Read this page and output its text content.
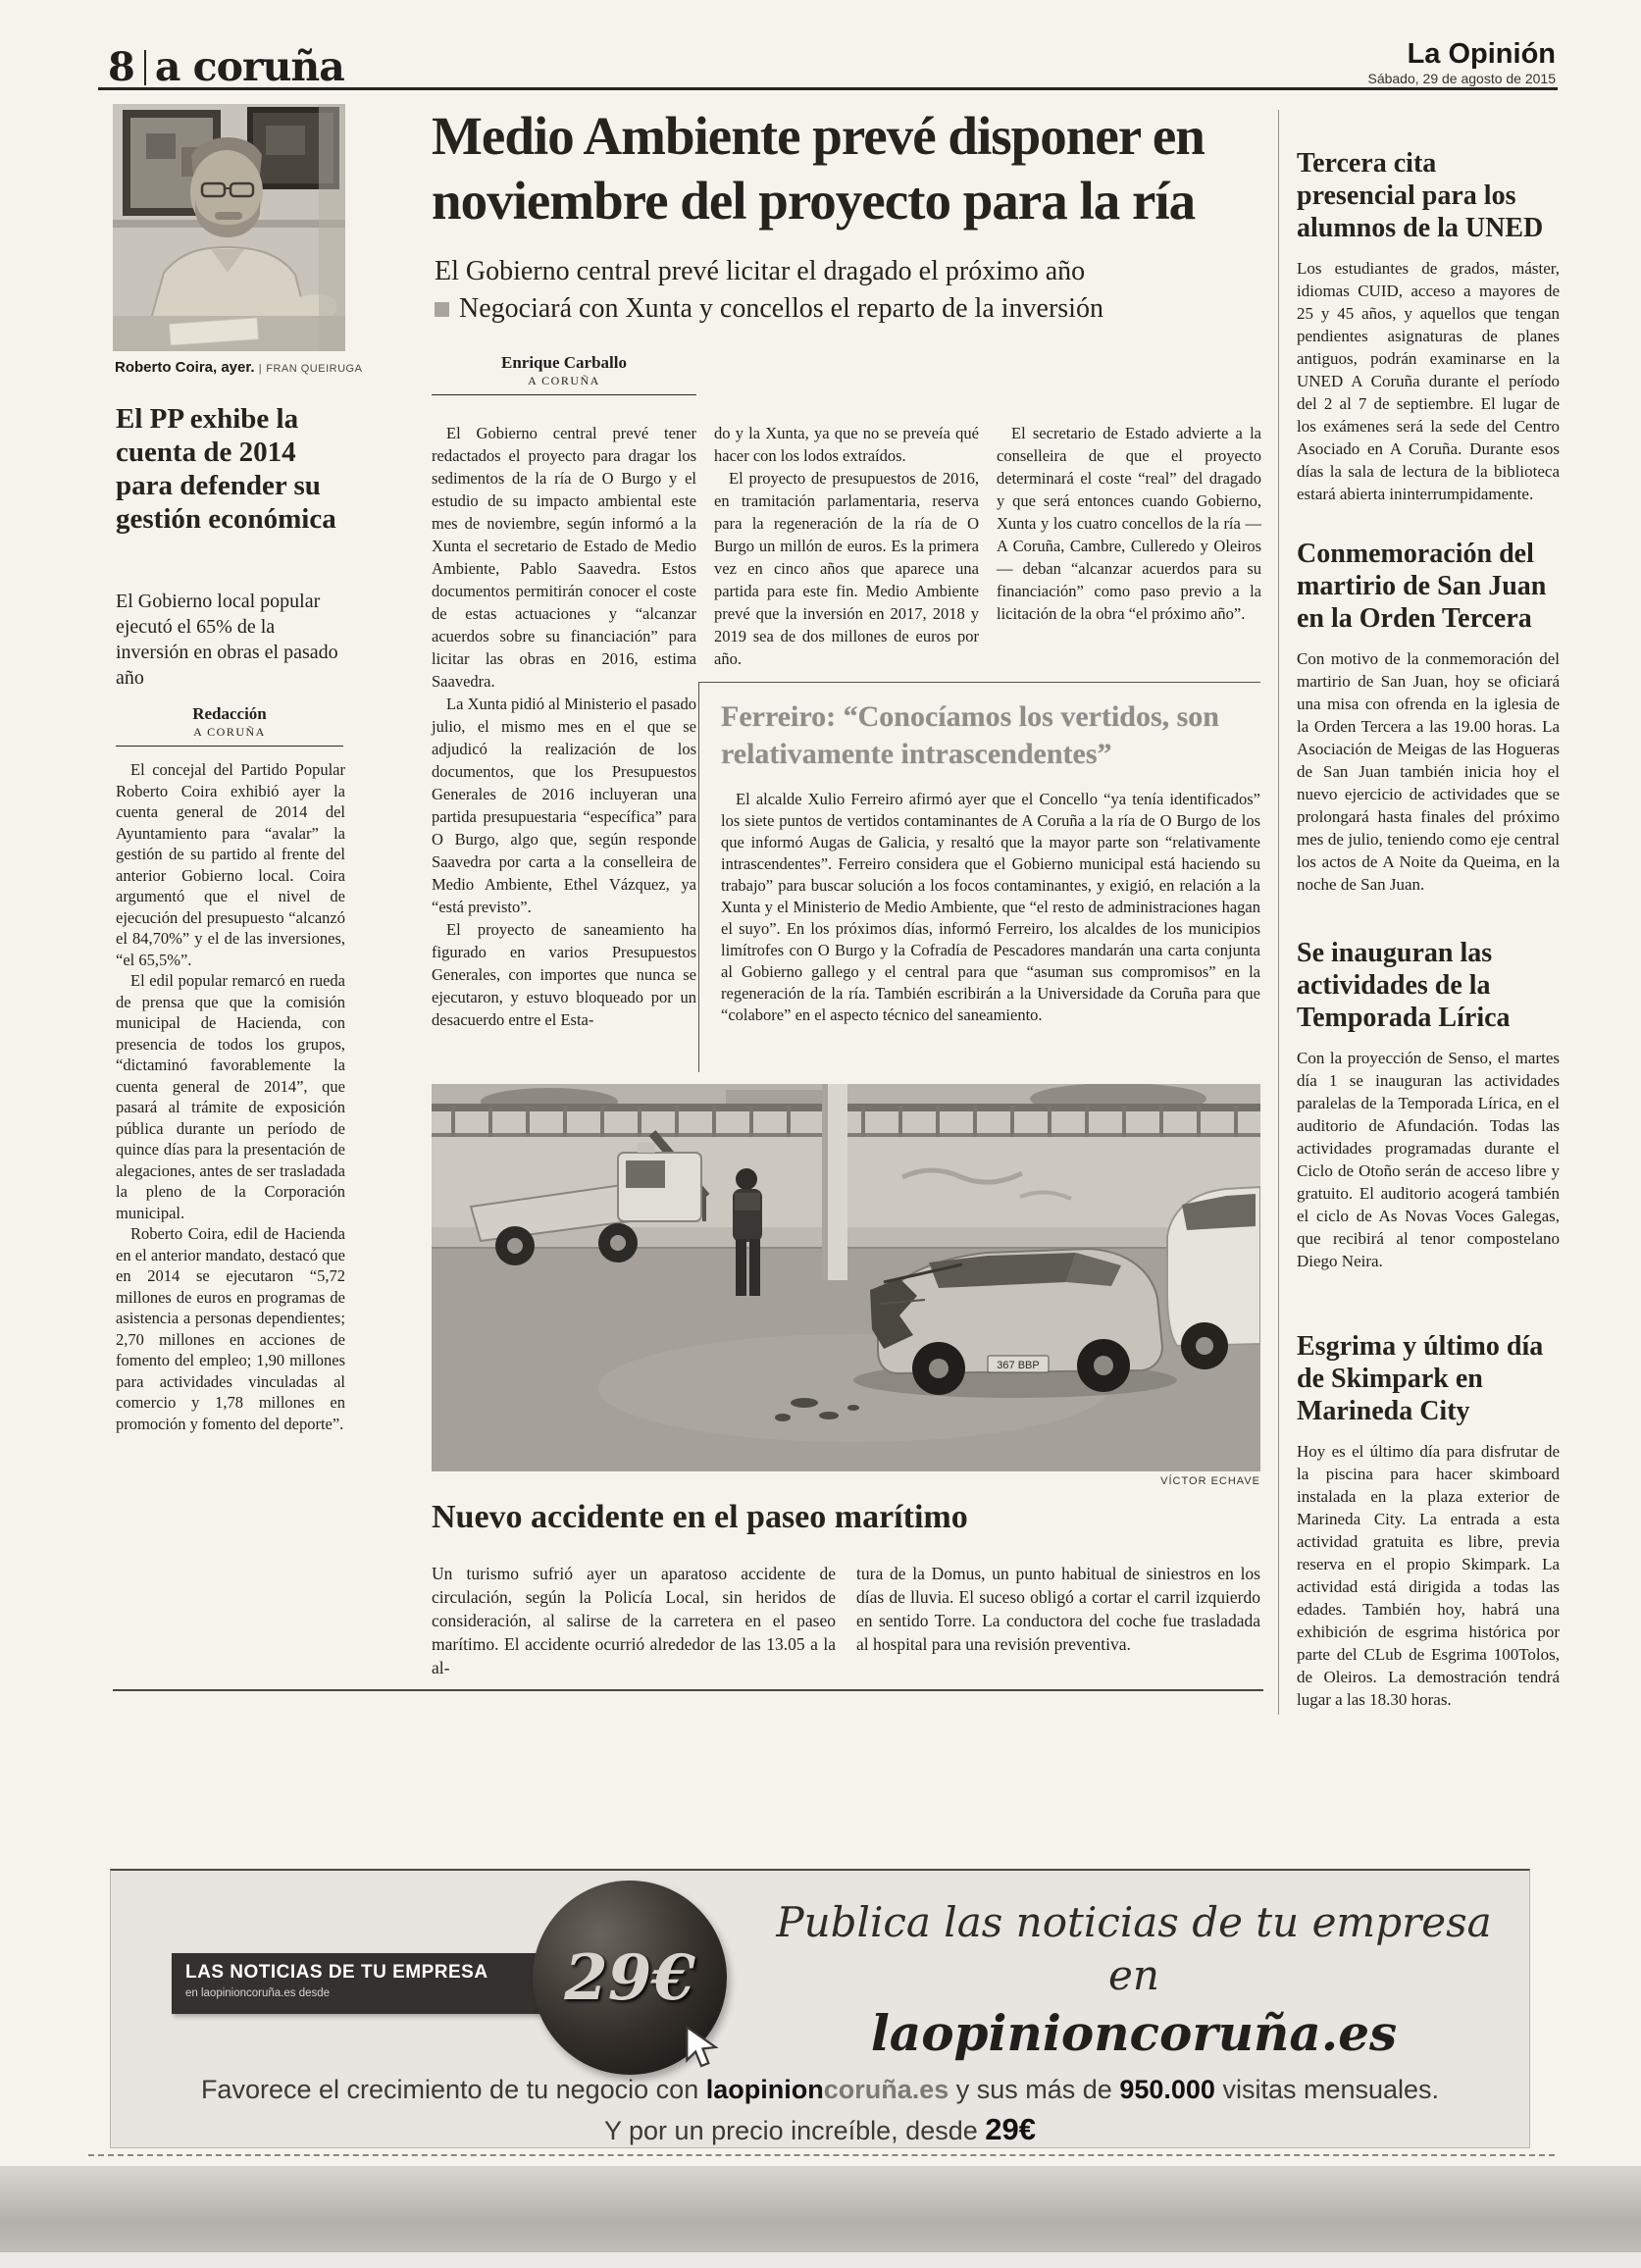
8 a coruña	La Opinión
Sábado, 29 de agosto de 2015
Roberto Coira, ayer. | FRAN QUEIRUGA
El PP exhibe la cuenta de 2014 para defender su gestión económica
El Gobierno local popular ejecutó el 65% de la inversión en obras el pasado año
Redacción
A CORUÑA

El concejal del Partido Popular Roberto Coira exhibió ayer la cuenta general de 2014 del Ayuntamiento para “avalar” la gestión de su partido al frente del anterior Gobierno local. Coira argumentó que el nivel de ejecución del presupuesto “alcanzó el 84,70%” y el de las inversiones, “el 65,5%”.

El edil popular remarcó en rueda de prensa que que la comisión municipal de Hacienda, con presencia de todos los grupos, “dictaminó favorablemente la cuenta general de 2014”, que pasará al trámite de exposición pública durante un período de quince días para la presentación de alegaciones, antes de ser trasladada la pleno de la Corporación municipal.

Roberto Coira, edil de Hacienda en el anterior mandato, destacó que en 2014 se ejecutaron “5,72 millones de euros en programas de asistencia a personas dependientes; 2,70 millones en acciones de fomento del empleo; 1,90 millones para actividades vinculadas al comercio y 1,78 millones en promoción y fomento del deporte”.

Medio Ambiente prevé disponer en noviembre del proyecto para la ría
El Gobierno central prevé licitar el dragado el próximo año
Negociará con Xunta y concellos el reparto de la inversión
Enrique Carballo
A CORUÑA

El Gobierno central prevé tener redactados el proyecto para dragar los sedimentos de la ría de O Burgo y el estudio de su impacto ambiental este mes de noviembre, según informó a la Xunta el secretario de Estado de Medio Ambiente, Pablo Saavedra. Estos documentos permitirán conocer el coste de estas actuaciones y “alcanzar acuerdos sobre su financiación” para licitar las obras en 2016, estima Saavedra.

La Xunta pidió al Ministerio el pasado julio, el mismo mes en el que se adjudicó la realización de los documentos, que los Presupuestos Generales de 2016 incluyeran una partida presupuestaria “específica” para O Burgo, algo que, según responde Saavedra por carta a la conselleira de Medio Ambiente, Ethel Vázquez, ya “está previsto”.

El proyecto de saneamiento ha figurado en varios Presupuestos Generales, con importes que nunca se ejecutaron, y estuvo bloqueado por un desacuerdo entre el Esta-

do y la Xunta, ya que no se preveía qué hacer con los lodos extraídos.

El proyecto de presupuestos de 2016, en tramitación parlamentaria, reserva para la regeneración de la ría de O Burgo un millón de euros. Es la primera vez en cinco años que aparece una partida para este fin. Medio Ambiente prevé que la inversión en 2017, 2018 y 2019 sea de dos millones de euros por año.

El secretario de Estado advierte a la conselleira de que el proyecto determinará el coste “real” del dragado y que será entonces cuando Gobierno, Xunta y los cuatro concellos de la ría —A Coruña, Cambre, Culleredo y Oleiros— deban “alcanzar acuerdos para su financiación” como paso previo a la licitación de la obra “el próximo año”.

Ferreiro: “Conocíamos los vertidos, son relativamente intrascendentes”
El alcalde Xulio Ferreiro afirmó ayer que el Concello “ya tenía identificados” los siete puntos de vertidos contaminantes de A Coruña a la ría de O Burgo de los que informó Augas de Galicia, y resaltó que la mayor parte son “relativamente intrascendentes”. Ferreiro considera que el Gobierno municipal está haciendo su trabajo” para buscar solución a los focos contaminantes, y exigió, en relación a la Xunta y el Ministerio de Medio Ambiente, que “el resto de administraciones hagan el suyo”. En los próximos días, informó Ferreiro, los alcaldes de los municipios limítrofes con O Burgo y la Cofradía de Pescadores mandarán una carta conjunta al Gobierno gallego y el central para que “asuman sus compromisos” en la regeneración de la ría. También escribirán a la Universidade da Coruña para que “colabore” en el aspecto técnico del saneamiento.
367 BBP
VÍCTOR ECHAVE
Nuevo accidente en el paseo marítimo
Un turismo sufrió ayer un aparatoso accidente de circulación, según la Policía Local, sin heridos de consideración, al salirse de la carretera en el paseo marítimo. El accidente ocurrió alrededor de las 13.05 a la al-
tura de la Domus, un punto habitual de siniestros en los días de lluvia. El suceso obligó a cortar el carril izquierdo en sentido Torre. La conductora del coche fue trasladada al hospital para una revisión preventiva.
Tercera cita presencial para los alumnos de la UNED
Los estudiantes de grados, máster, idiomas CUID, acceso a mayores de 25 y 45 años, y aquellos que tengan pendientes asignaturas de planes antiguos, podrán examinarse en la UNED A Coruña durante el período del 2 al 7 de septiembre. El lugar de los exámenes será la sede del Centro Asociado en A Coruña. Durante esos días la sala de lectura de la biblioteca estará abierta ininterrumpidamente.
Conmemoración del martirio de San Juan en la Orden Tercera
Con motivo de la conmemoración del martirio de San Juan, hoy se oficiará una misa con ofrenda en la iglesia de la Orden Tercera a las 19.00 horas. La Asociación de Meigas de las Hogueras de San Juan también inicia hoy el nuevo ejercicio de actividades que se prolongará hasta finales del próximo mes de julio, teniendo como eje central los actos de A Noite da Queima, en la noche de San Juan.
Se inauguran las actividades de la Temporada Lírica
Con la proyección de Senso, el martes día 1 se inauguran las actividades paralelas de la Temporada Lírica, en el auditorio de Afundación. Todas las actividades programadas durante el Ciclo de Otoño serán de acceso libre y gratuito. El auditorio acogerá también el ciclo de As Novas Voces Galegas, que recibirá al tenor compostelano Diego Neira.
Esgrima y último día de Skimpark en Marineda City
Hoy es el último día para disfrutar de la piscina para hacer skimboard instalada en la plaza exterior de Marineda City. La entrada a esta actividad gratuita es libre, previa reserva en el propio Skimpark. La actividad está dirigida a todas las edades. También hoy, habrá una exhibición de esgrima histórica por parte del CLub de Esgrima 100Tolos, de Oleiros. La demostración tendrá lugar a las 18.30 horas.
LAS NOTICIAS DE TU EMPRESA
en laopinioncoruña.es desde	29€
Publica las noticias de tu empresa en
laopinioncoruña.es
Favorece el crecimiento de tu negocio con laopinioncoruña.es y sus más de 950.000 visitas mensuales.
Y por un precio increíble, desde 29€
